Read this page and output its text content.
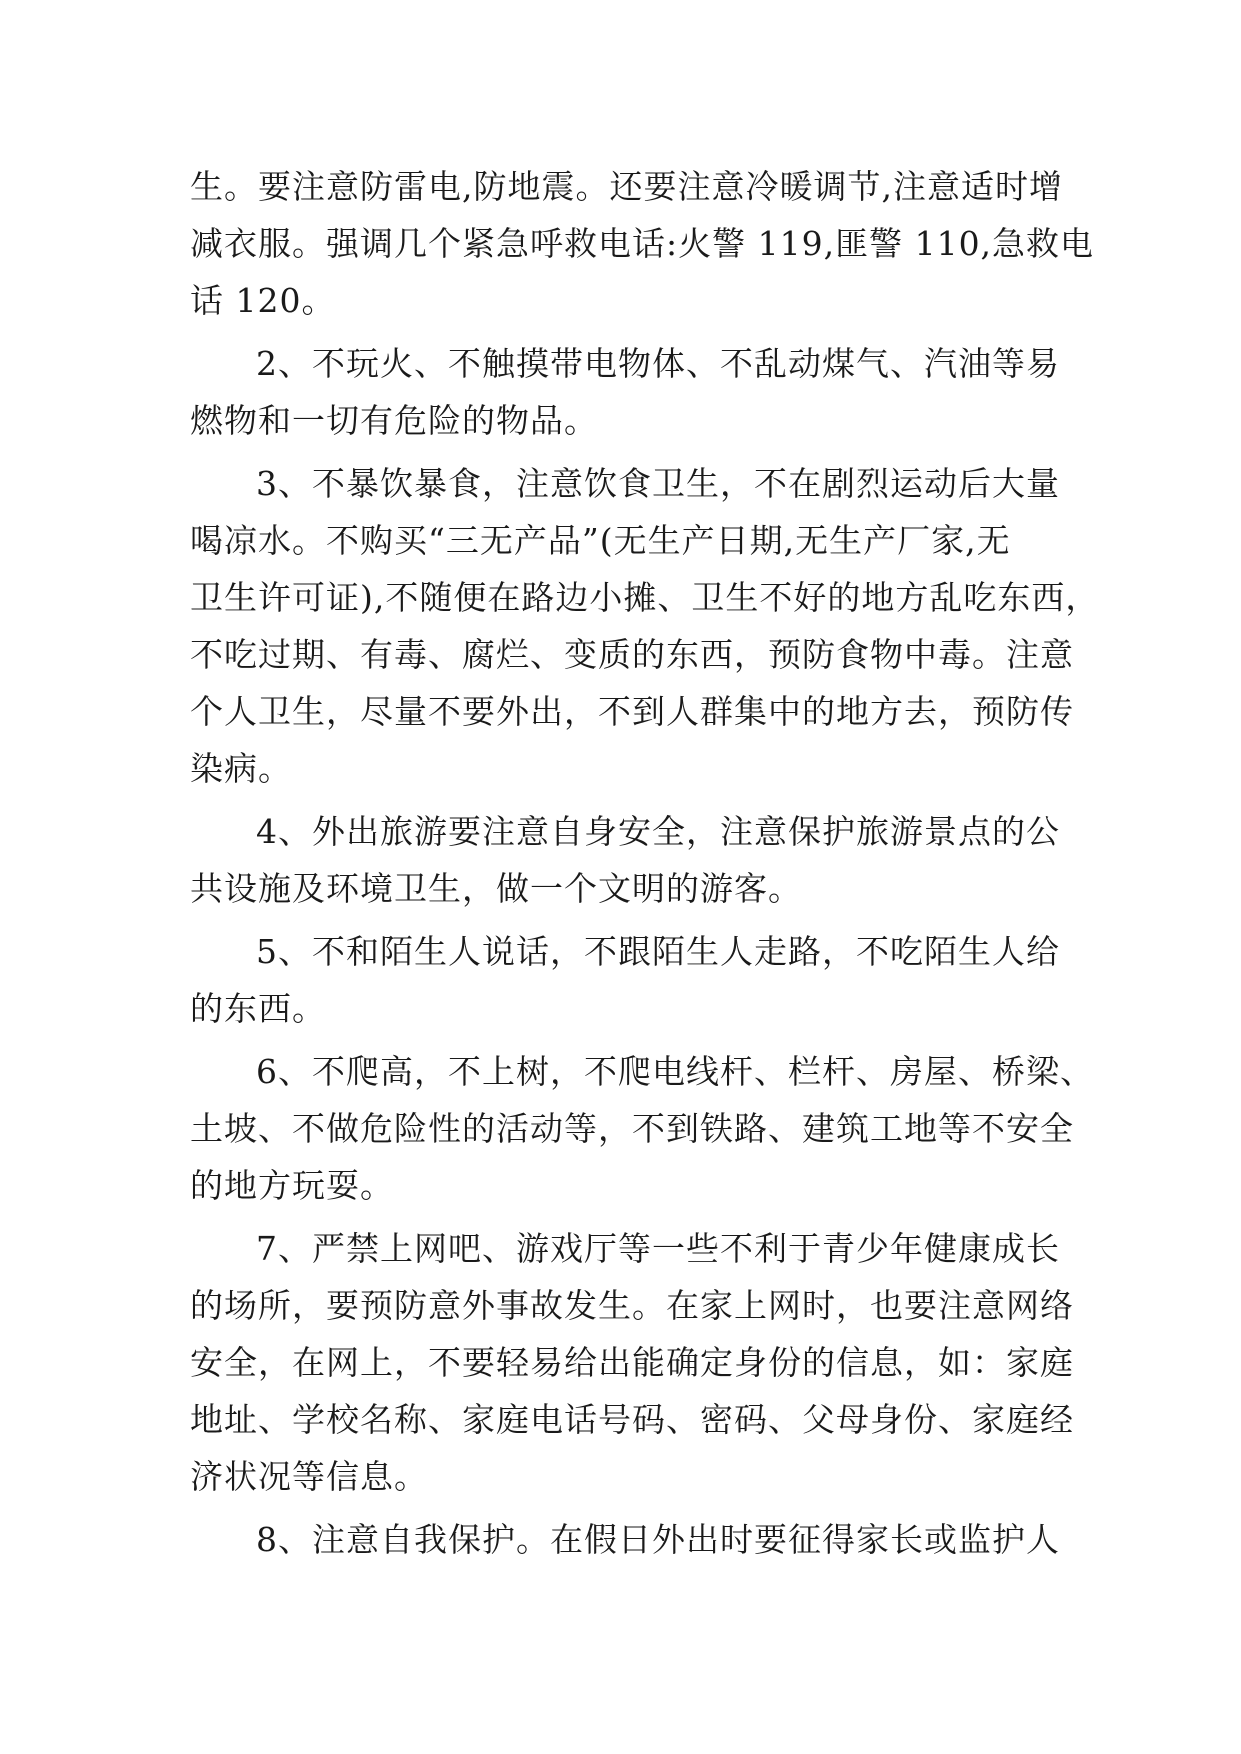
生。要注意防雷电,防地震。还要注意冷暖调节,注意适时增
减衣服。强调几个紧急呼救电话:火警 119,匪警 110,急救电
话 120。
2、不玩火、不触摸带电物体、不乱动煤气、汽油等易
燃物和一切有危险的物品。
3、不暴饮暴食，注意饮食卫生，不在剧烈运动后大量
喝凉水。不购买“三无产品”(无生产日期,无生产厂家,无
卫生许可证),不随便在路边小摊、卫生不好的地方乱吃东西，
不吃过期、有毒、腐烂、变质的东西，预防食物中毒。注意
个人卫生，尽量不要外出，不到人群集中的地方去，预防传
染病。
4、外出旅游要注意自身安全，注意保护旅游景点的公
共设施及环境卫生，做一个文明的游客。
5、不和陌生人说话，不跟陌生人走路，不吃陌生人给
的东西。
6、不爬高，不上树，不爬电线杆、栏杆、房屋、桥梁、
土坡、不做危险性的活动等，不到铁路、建筑工地等不安全
的地方玩耍。
7、严禁上网吧、游戏厅等一些不利于青少年健康成长
的场所，要预防意外事故发生。在家上网时，也要注意网络
安全，在网上，不要轻易给出能确定身份的信息，如：家庭
地址、学校名称、家庭电话号码、密码、父母身份、家庭经
济状况等信息。
8、注意自我保护。在假日外出时要征得家长或监护人
